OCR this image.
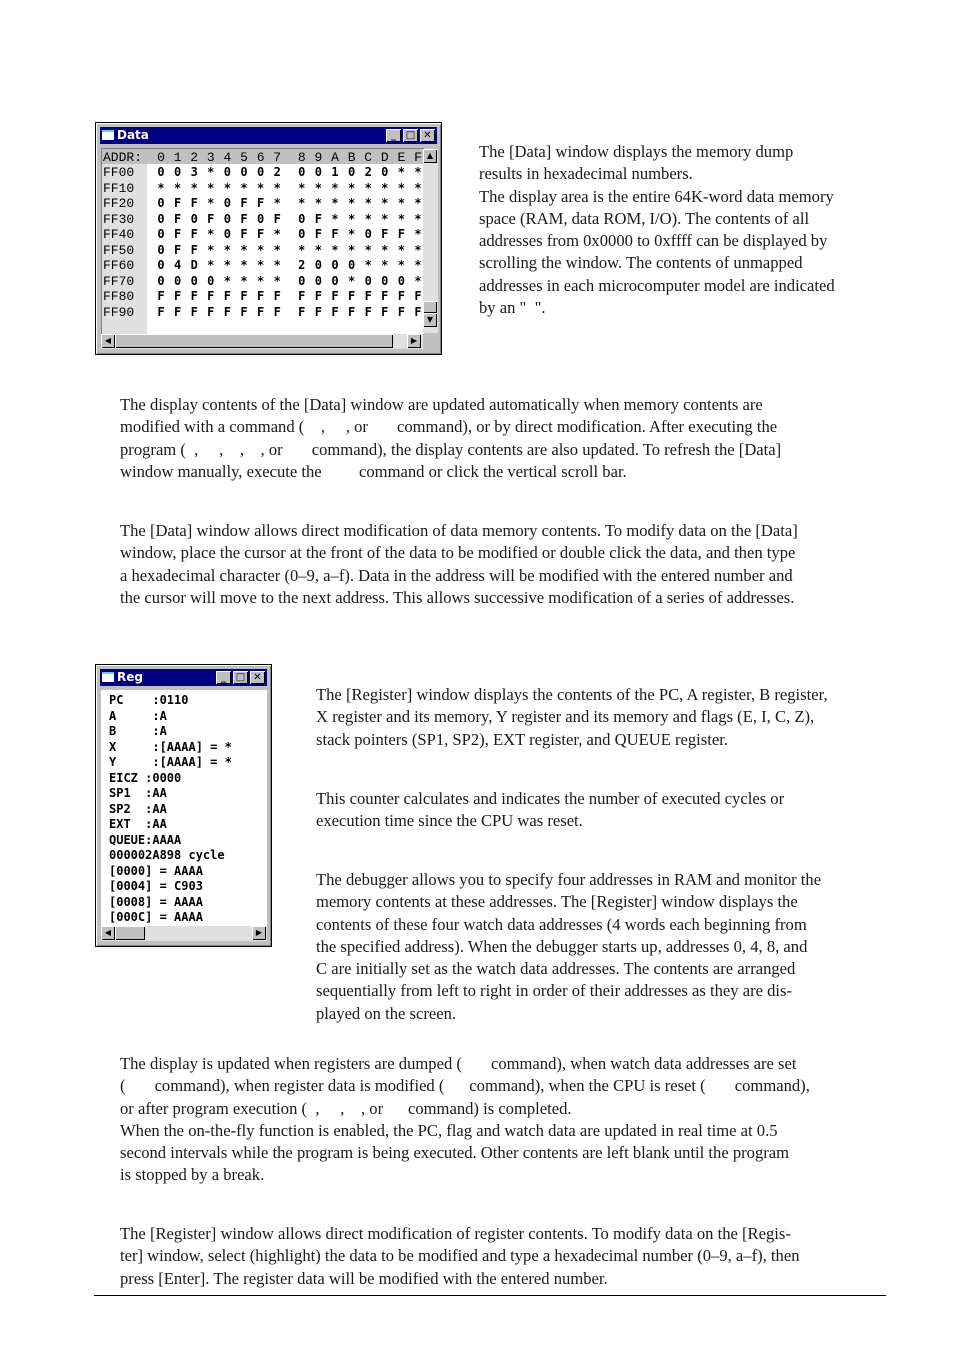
Data	_ □ ✕
ADDR: 0 1 2 3 4 5 6 7 8 9 A B C D E F
FF00 0 0 3 * 0 0 0 2 0 0 1 0 2 0 * *
FF10 * * * * * * * * * * * * * * * *
FF20 0 F F * 0 F F * * * * * * * * *
FF30 0 F 0 F 0 F 0 F 0 F * * * * * *
FF40 0 F F * 0 F F * 0 F F * 0 F F *
FF50 0 F F * * * * * * * * * * * * *
FF60 0 4 D * * * * * 2 0 0 0 * * * *
FF70 0 0 0 0 * * * * 0 0 0 * 0 0 0 *
FF80 F F F F F F F F F F F F F F F F
FF90 F F F F F F F F F F F F F F F F
▲
▼
◀	▶
Reg	_ □ ✕
PC    :0110
A     :A
B     :A
X     :[AAAA] = *
Y     :[AAAA] = *
EICZ :0000
SP1  :AA
SP2  :AA
EXT  :AA
QUEUE:AAAA
000002A898 cycle
[0000] = AAAA
[0004] = C903
[0008] = AAAA
[000C] = AAAA
◀	▶
The [Data] window displays the memory dump
results in hexadecimal numbers.
The display area is the entire 64K-word data memory
space (RAM, data ROM, I/O). The contents of all
addresses from 0x0000 to 0xffff can be displayed by
scrolling the window. The contents of unmapped
addresses in each microcomputer model are indicated
by an "  ".
The display contents of the [Data] window are updated automatically when memory contents are
modified with a command (    ,     , or       command), or by direct modification. After executing the
program (  ,     ,    ,    , or       command), the display contents are also updated. To refresh the [Data]
window manually, execute the         command or click the vertical scroll bar.
The [Data] window allows direct modification of data memory contents. To modify data on the [Data]
window, place the cursor at the front of the data to be modified or double click the data, and then type
a hexadecimal character (0–9, a–f). Data in the address will be modified with the entered number and
the cursor will move to the next address. This allows successive modification of a series of addresses.
The [Register] window displays the contents of the PC, A register, B register,
X register and its memory, Y register and its memory and flags (E, I, C, Z),
stack pointers (SP1, SP2), EXT register, and QUEUE register.
This counter calculates and indicates the number of executed cycles or
execution time since the CPU was reset.
The debugger allows you to specify four addresses in RAM and monitor the
memory contents at these addresses. The [Register] window displays the
contents of these four watch data addresses (4 words each beginning from
the specified address). When the debugger starts up, addresses 0, 4, 8, and
C are initially set as the watch data addresses. The contents are arranged
sequentially from left to right in order of their addresses as they are dis-
played on the screen.
The display is updated when registers are dumped (       command), when watch data addresses are set
(       command), when register data is modified (      command), when the CPU is reset (       command),
or after program execution (  ,     ,    , or      command) is completed.
When the on-the-fly function is enabled, the PC, flag and watch data are updated in real time at 0.5
second intervals while the program is being executed. Other contents are left blank until the program
is stopped by a break.
The [Register] window allows direct modification of register contents. To modify data on the [Regis-
ter] window, select (highlight) the data to be modified and type a hexadecimal number (0–9, a–f), then
press [Enter]. The register data will be modified with the entered number.
